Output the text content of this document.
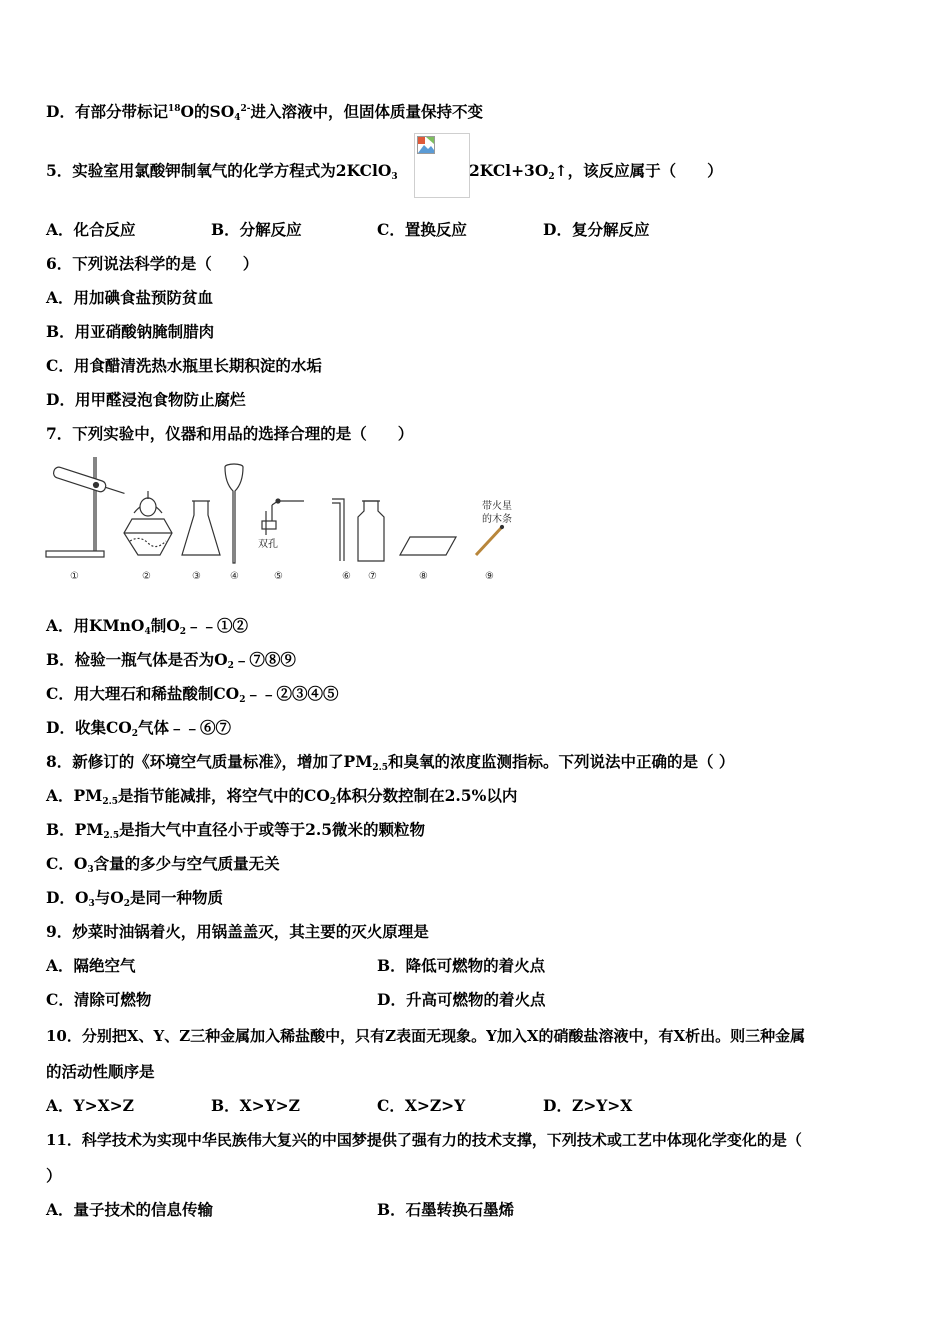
D．有部分带标记$^{18}$O的$SO_4^{2-}$进入溶液中，但固体质量保持不变
5．实验室用氯酸钾制氧气的化学方程式为2KClO$_3$	$2KCl+3O_2↑$，该反应属于（　　）
A．化合反应	B．分解反应	C．置换反应	D．复分解反应
6．下列说法科学的是（　　）
A．用加碘食盐预防贫血
B．用亚硝酸钠腌制腊肉
C．用食醋清洗热水瓶里长期积淀的水垢
D．用甲醛浸泡食物防止腐烂
7．下列实验中，仪器和用品的选择合理的是（　　）
双孔
带火星
的木条
①	②	③	④	⑤	⑥ ⑦	⑧	⑨
A．用KMnO$_4$制$O_2﹣﹣①②$
B．检验一瓶气体是否为$O_2﹣⑦⑧⑨$
C．用大理石和稀盐酸制$CO_2﹣﹣②③④⑤$
D．收集$CO_2$气体﹣﹣⑥⑦
8．新修订的《环境空气质量标准》，增加了$PM_{2.5}$和臭氧的浓度监测指标。下列说法中正确的是（ ）
A．$PM_{2.5}$是指节能减排，将空气中的$CO_2$体积分数控制在2.5%以内
B．$PM_{2.5}$是指大气中直径小于或等于2.5微米的颗粒物
C．$O_3$含量的多少与空气质量无关
D．$O_3$与$O_2$是同一种物质
9．炒菜时油锅着火，用锅盖盖灭，其主要的灭火原理是
A．隔绝空气	B．降低可燃物的着火点
C．清除可燃物	D．升高可燃物的着火点
10．分别把X、Y、Z三种金属加入稀盐酸中，只有Z表面无现象。Y加入X的硝酸盐溶液中，有X析出。则三种金属
的活动性顺序是
A．Y>X>Z	B．X>Y>Z	C．X>Z>Y	D．Z>Y>X
11．科学技术为实现中华民族伟大复兴的中国梦提供了强有力的技术支撑，下列技术或工艺中体现化学变化的是（
）
A．量子技术的信息传输	B．石墨转换石墨烯
